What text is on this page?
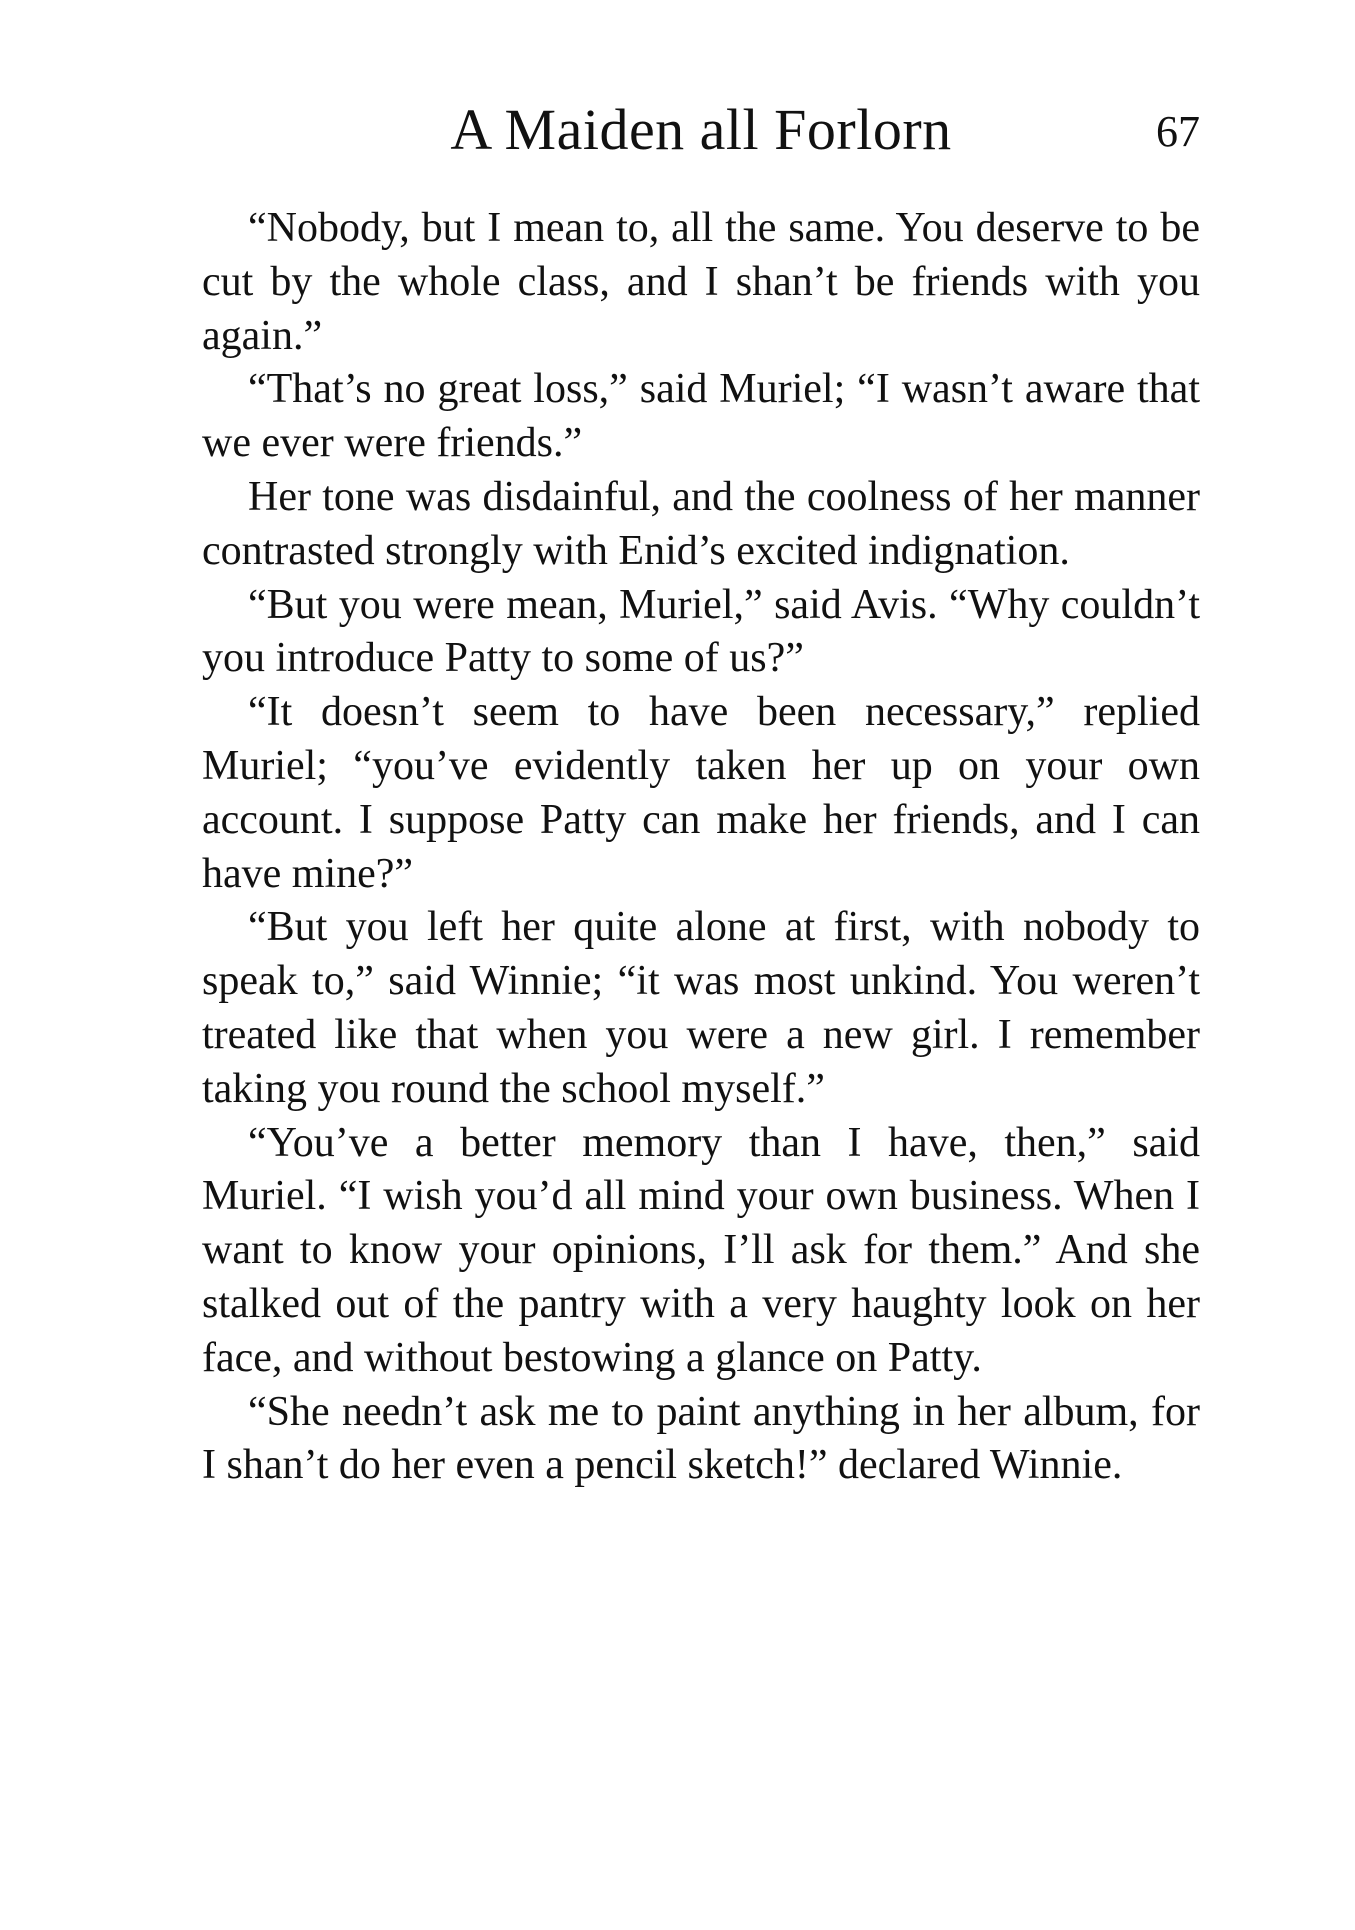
A Maiden all Forlorn	67

“Nobody, but I mean to, all the same. You deserve to be cut by the whole class, and I shan’t be friends with you again.”

“That’s no great loss,” said Muriel; “I wasn’t aware that we ever were friends.”

Her tone was disdainful, and the coolness of her manner contrasted strongly with Enid’s excited indignation.

“But you were mean, Muriel,” said Avis. “Why couldn’t you introduce Patty to some of us?”

“It doesn’t seem to have been necessary,” replied Muriel; “you’ve evidently taken her up on your own account. I suppose Patty can make her friends, and I can have mine?”

“But you left her quite alone at first, with nobody to speak to,” said Winnie; “it was most unkind. You weren’t treated like that when you were a new girl. I remember taking you round the school myself.”

“You’ve a better memory than I have, then,” said Muriel. “I wish you’d all mind your own business. When I want to know your opinions, I’ll ask for them.” And she stalked out of the pantry with a very haughty look on her face, and without bestowing a glance on Patty.

“She needn’t ask me to paint anything in her album, for I shan’t do her even a pencil sketch!” declared Winnie.
